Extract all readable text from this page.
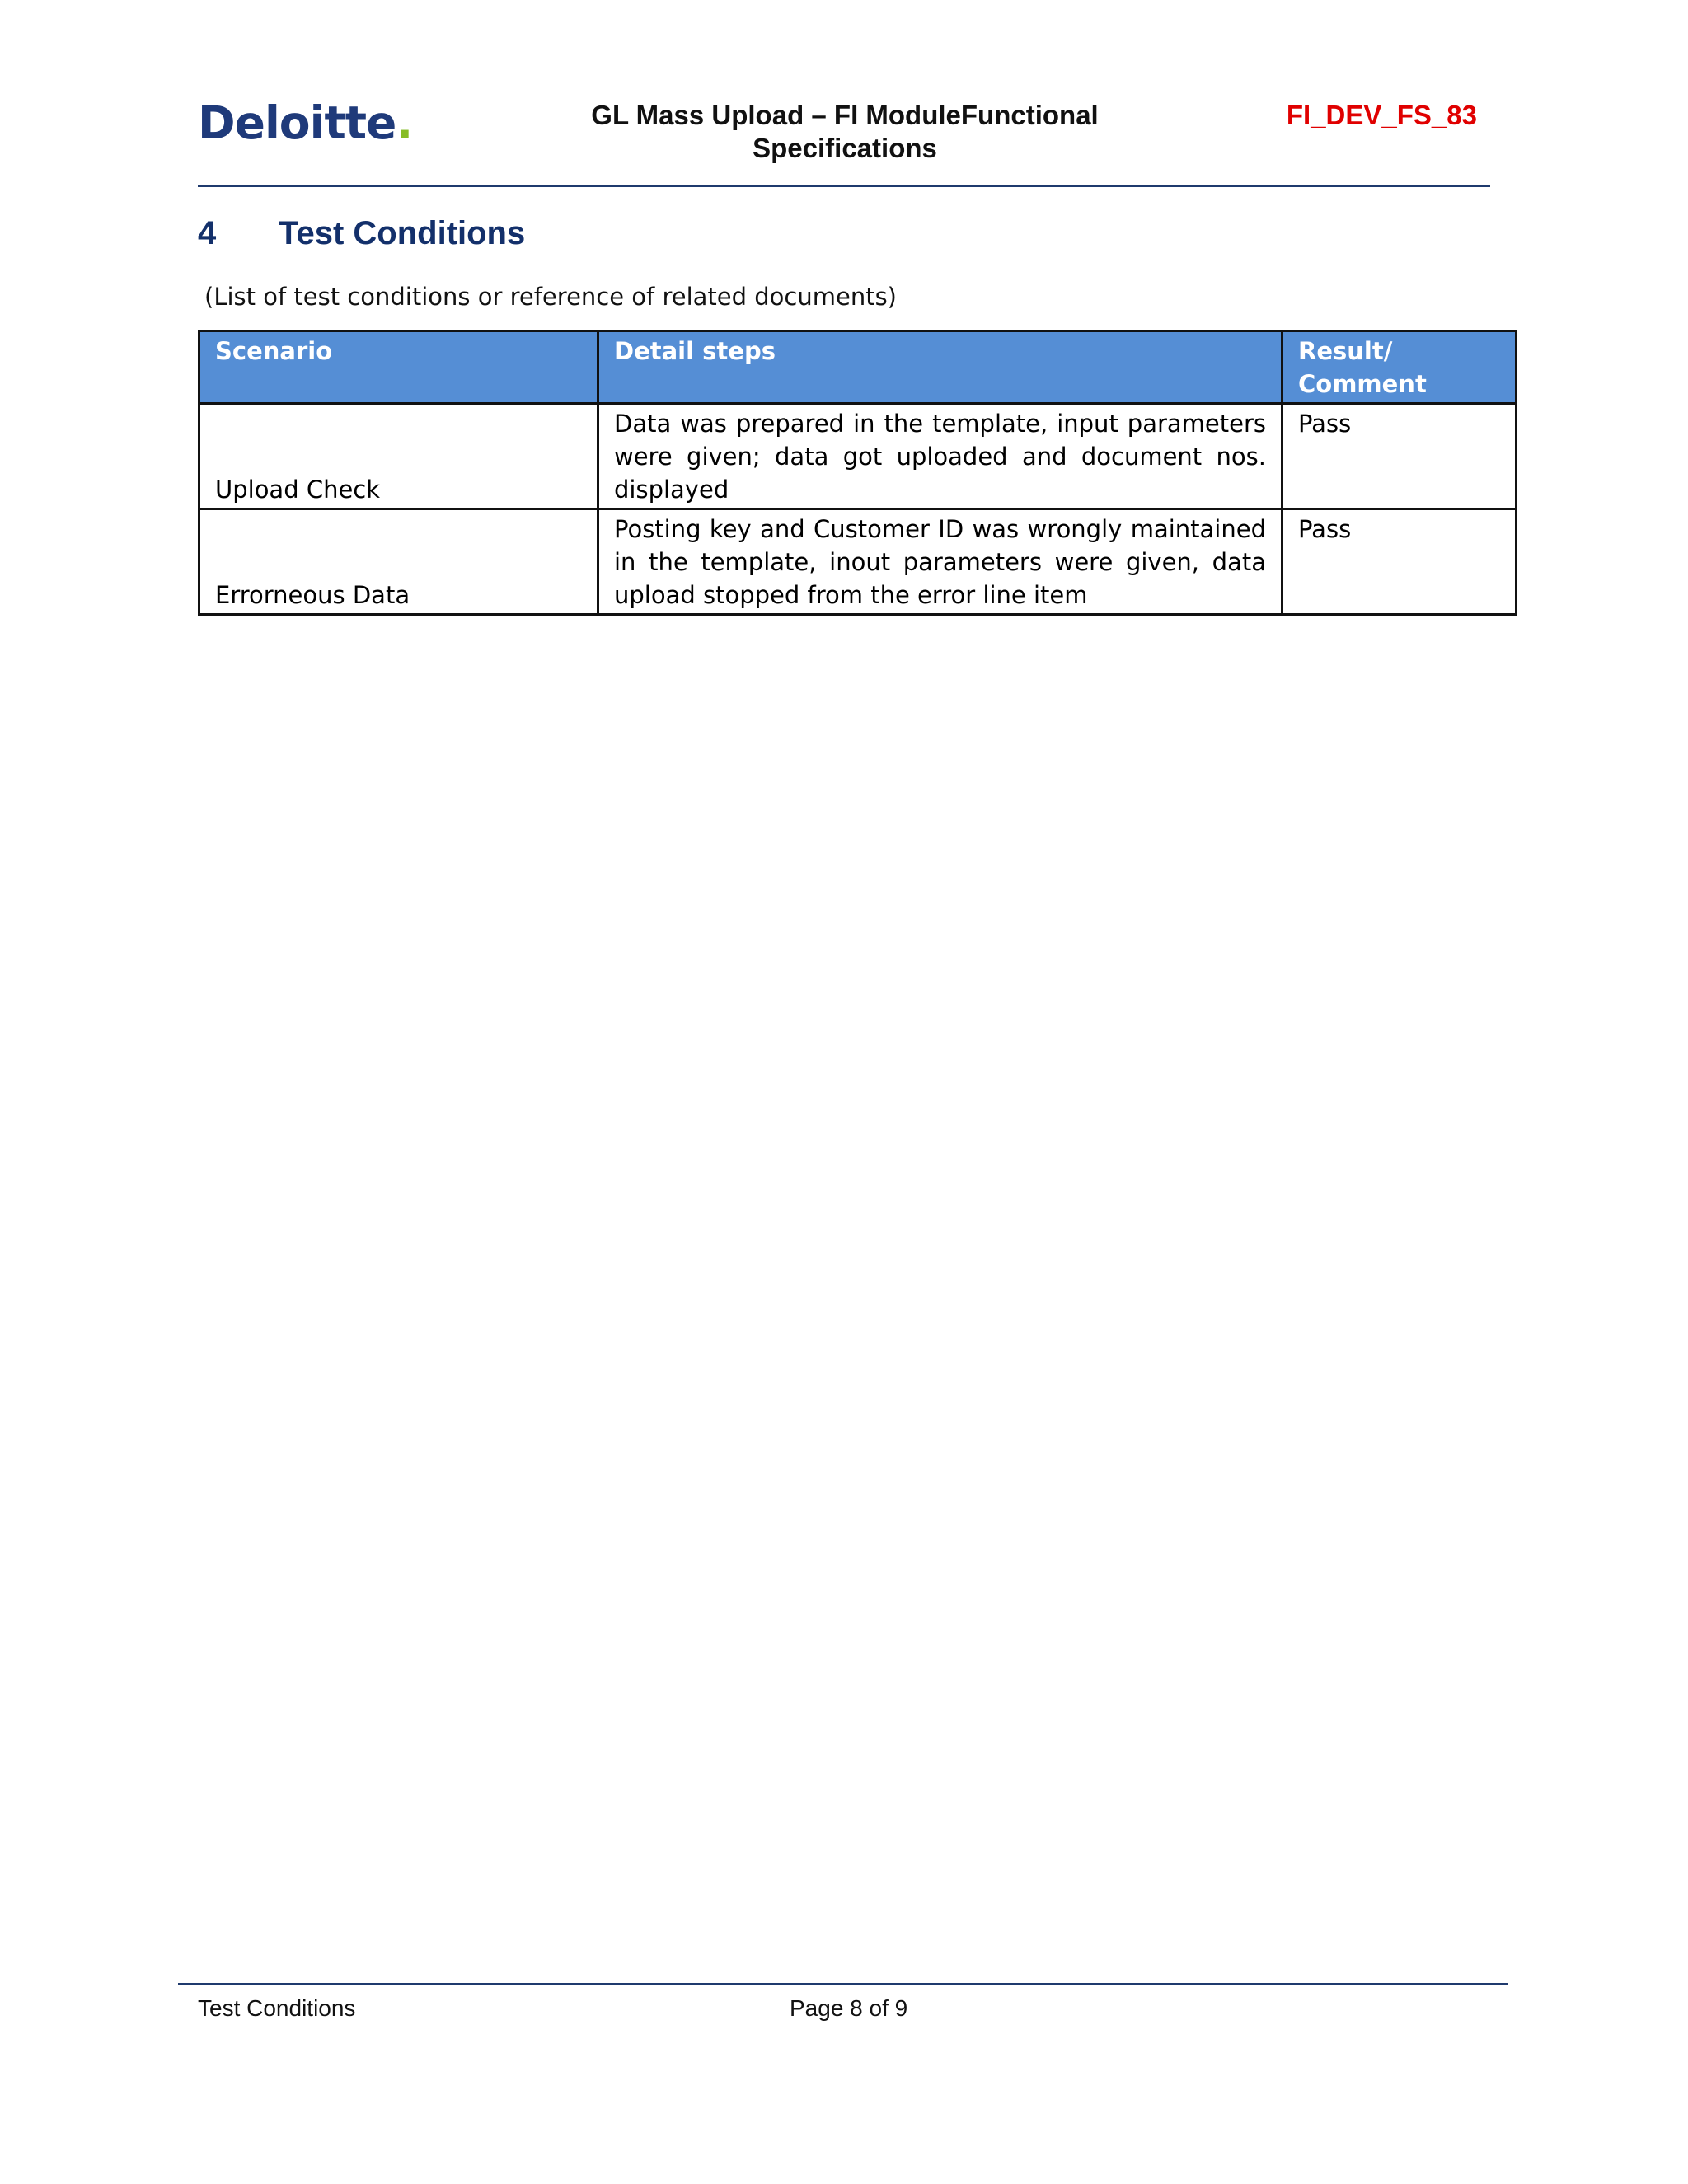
Deloitte.	GL Mass Upload – FI ModuleFunctional
Specifications
FI_DEV_FS_83
4 Test Conditions
(List of test conditions or reference of related documents)
Scenario	Detail steps	Result/ Comment
Upload Check	Data was prepared in the template, input parameters were given; data got uploaded and document nos. displayed	Pass
Errorneous Data	Posting key and Customer ID was wrongly maintained in the template, inout parameters were given, data upload stopped from the error line item	Pass
Test Conditions	Page 8 of 9
